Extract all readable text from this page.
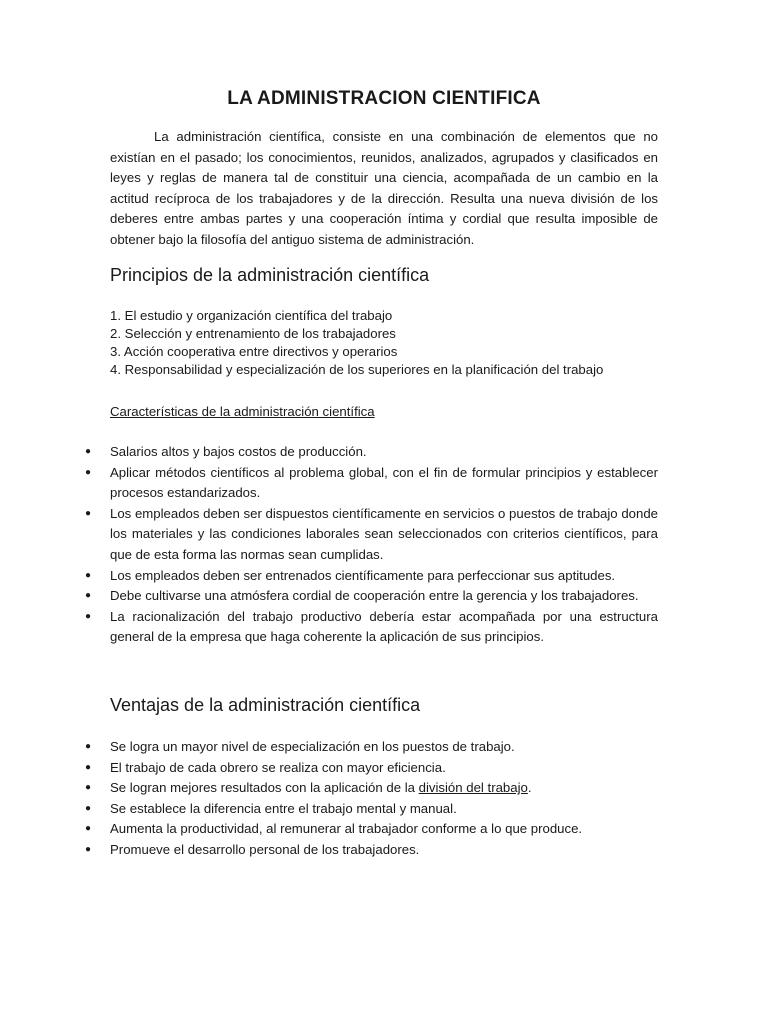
LA ADMINISTRACION CIENTIFICA
La administración científica, consiste en una combinación de elementos que no existían en el pasado; los conocimientos, reunidos, analizados, agrupados y clasificados en leyes y reglas de manera tal de constituir una ciencia, acompañada de un cambio en la actitud recíproca de los trabajadores y de la dirección. Resulta una nueva división de los deberes entre ambas partes y una cooperación íntima y cordial que resulta imposible de obtener bajo la filosofía del antiguo sistema de administración.
Principios de la administración científica
1. El estudio y organización científica del trabajo
2. Selección y entrenamiento de los trabajadores
3. Acción cooperativa entre directivos y operarios
4. Responsabilidad y especialización de los superiores en la planificación del trabajo
Características de la administración científica
● Salarios altos y bajos costos de producción.
● Aplicar métodos científicos al problema global, con el fin de formular principios y establecer procesos estandarizados.
● Los empleados deben ser dispuestos científicamente en servicios o puestos de trabajo donde los materiales y las condiciones laborales sean seleccionados con criterios científicos, para que de esta forma las normas sean cumplidas.
● Los empleados deben ser entrenados científicamente para perfeccionar sus aptitudes.
● Debe cultivarse una atmósfera cordial de cooperación entre la gerencia y los trabajadores.
● La racionalización del trabajo productivo debería estar acompañada por una estructura general de la empresa que haga coherente la aplicación de sus principios.
Ventajas de la administración científica
● Se logra un mayor nivel de especialización en los puestos de trabajo.
● El trabajo de cada obrero se realiza con mayor eficiencia.
● Se logran mejores resultados con la aplicación de la división del trabajo.
● Se establece la diferencia entre el trabajo mental y manual.
● Aumenta la productividad, al remunerar al trabajador conforme a lo que produce.
● Promueve el desarrollo personal de los trabajadores.
